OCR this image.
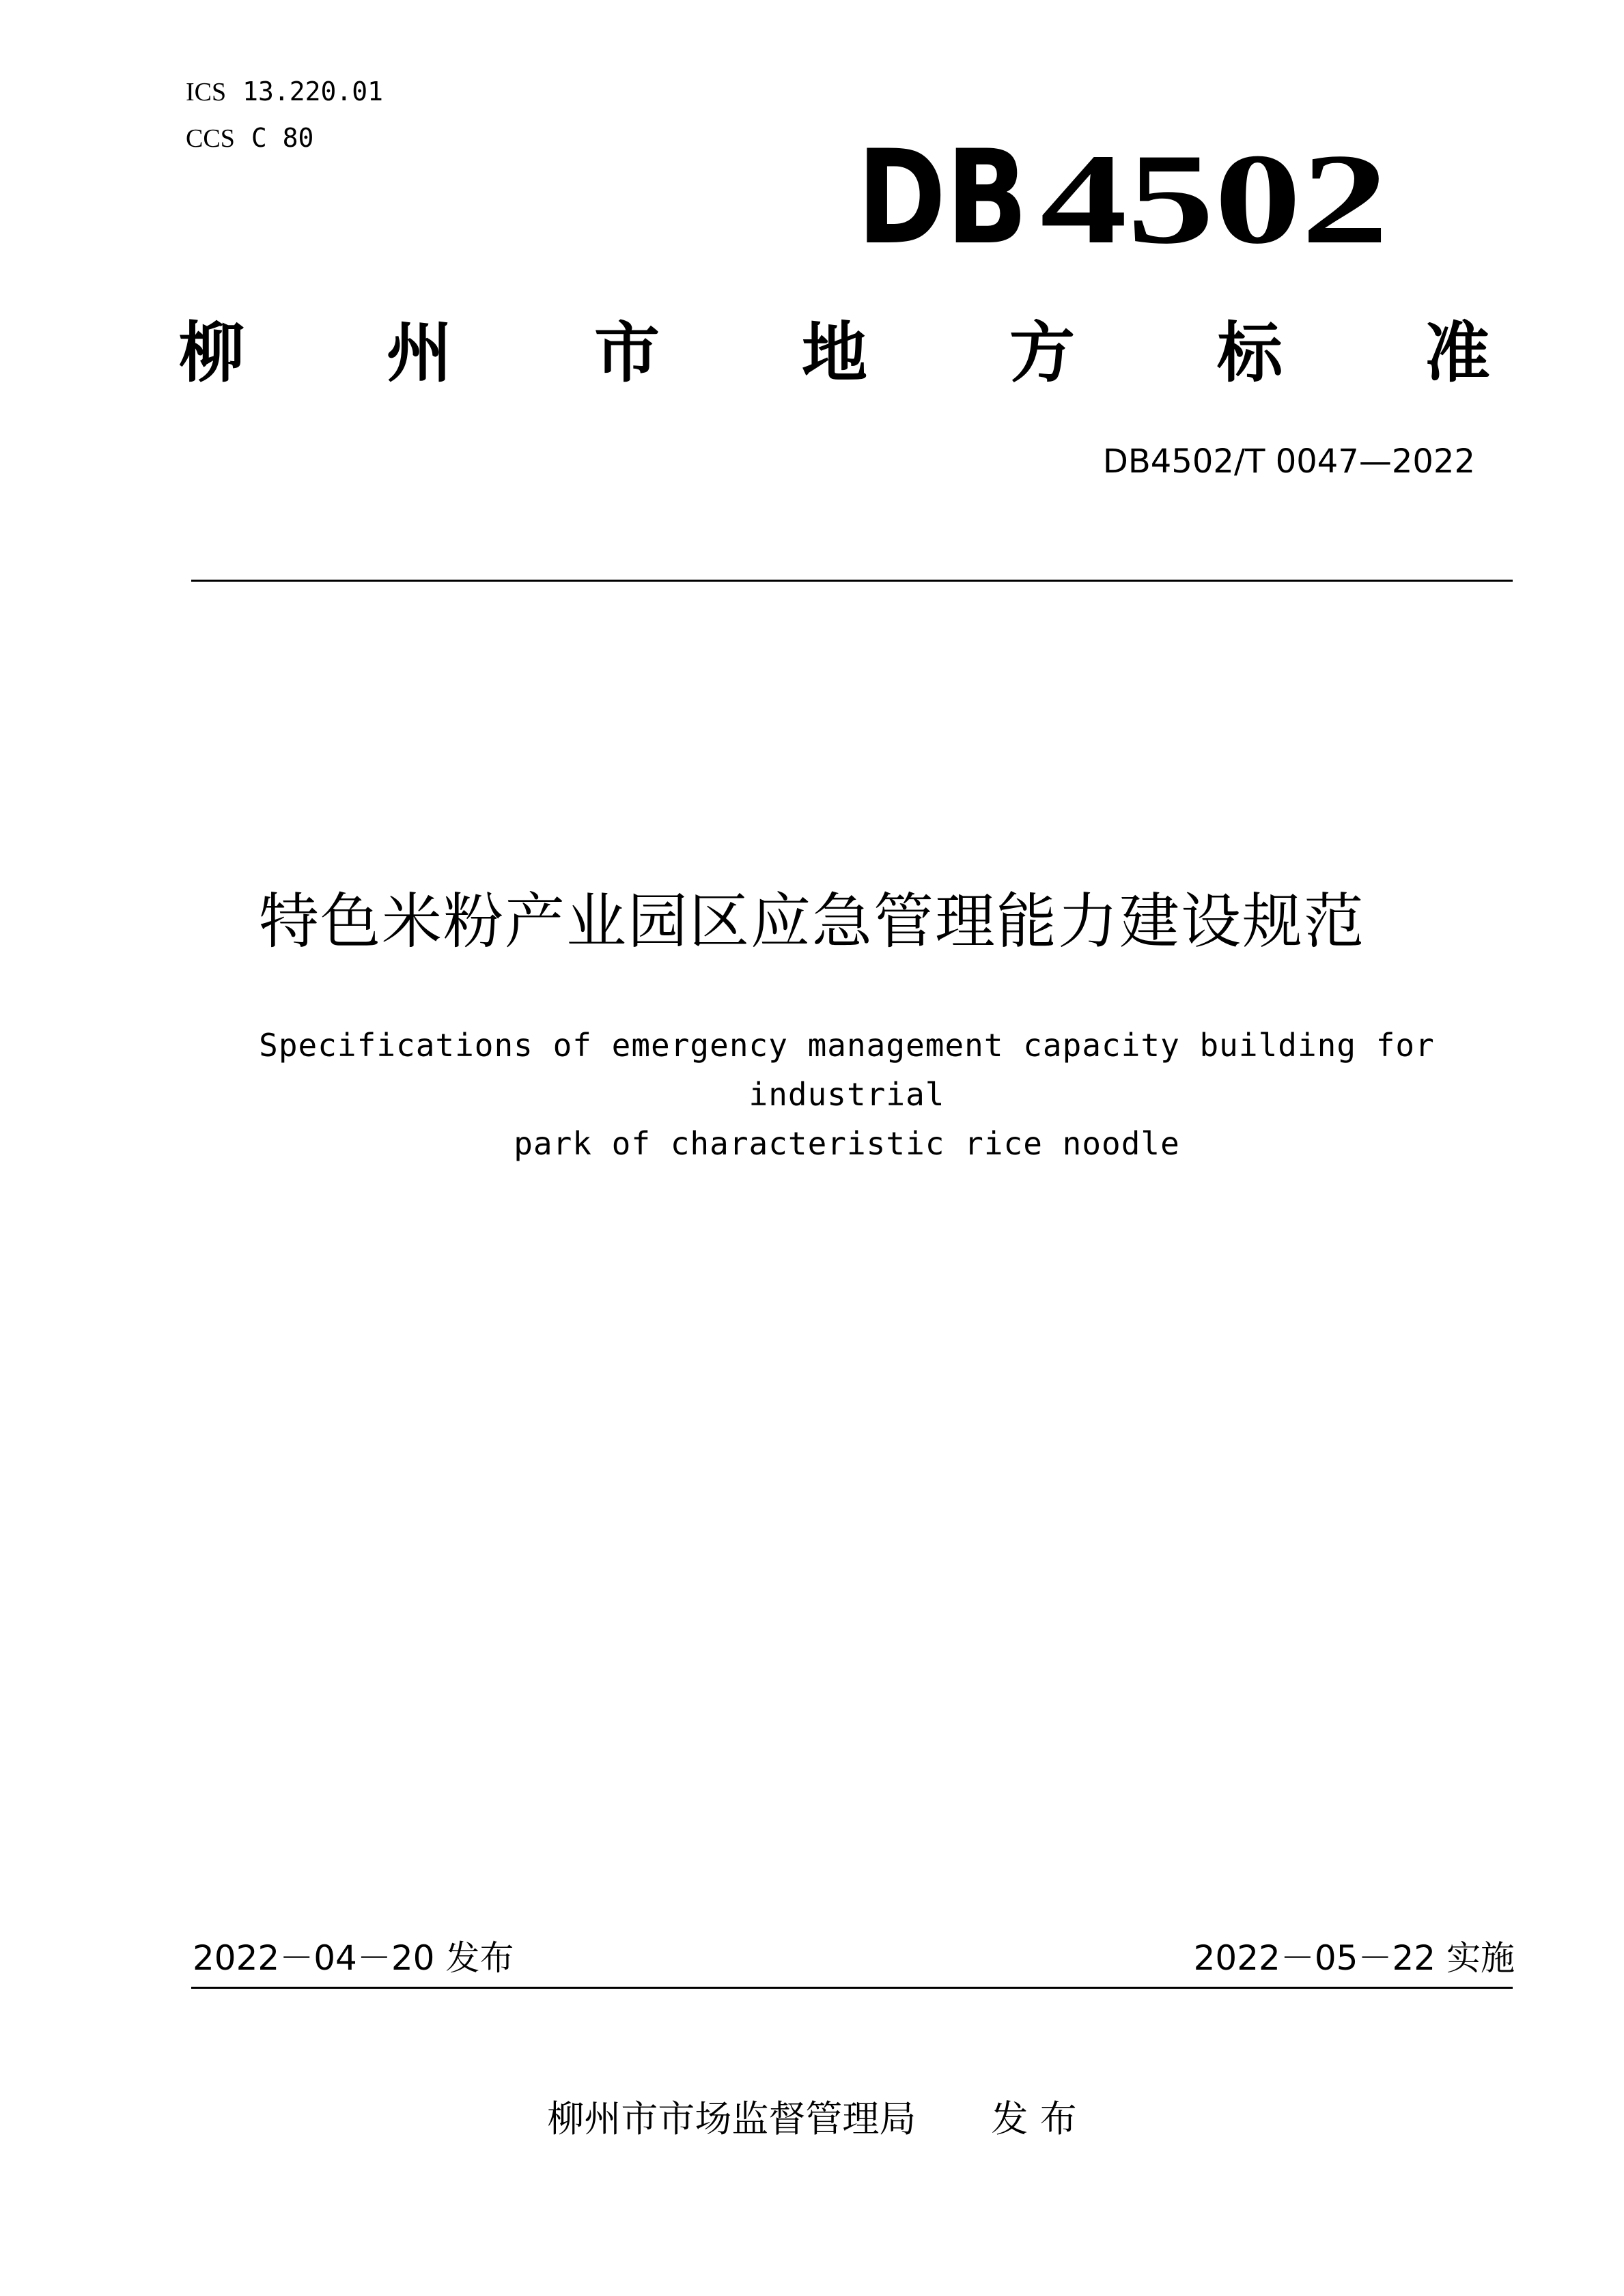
ICS 13.220.01
CCS C 80	DB 4502
柳 州 市 地 方 标 准
DB4502/T 0047—2022
特色米粉产业园区应急管理能力建设规范
Specifications of emergency management capacity building for industrial
park of characteristic rice noodle
2022－04－20 发布	2022－05－22 实施
柳州市市场监督管理局 发 布
